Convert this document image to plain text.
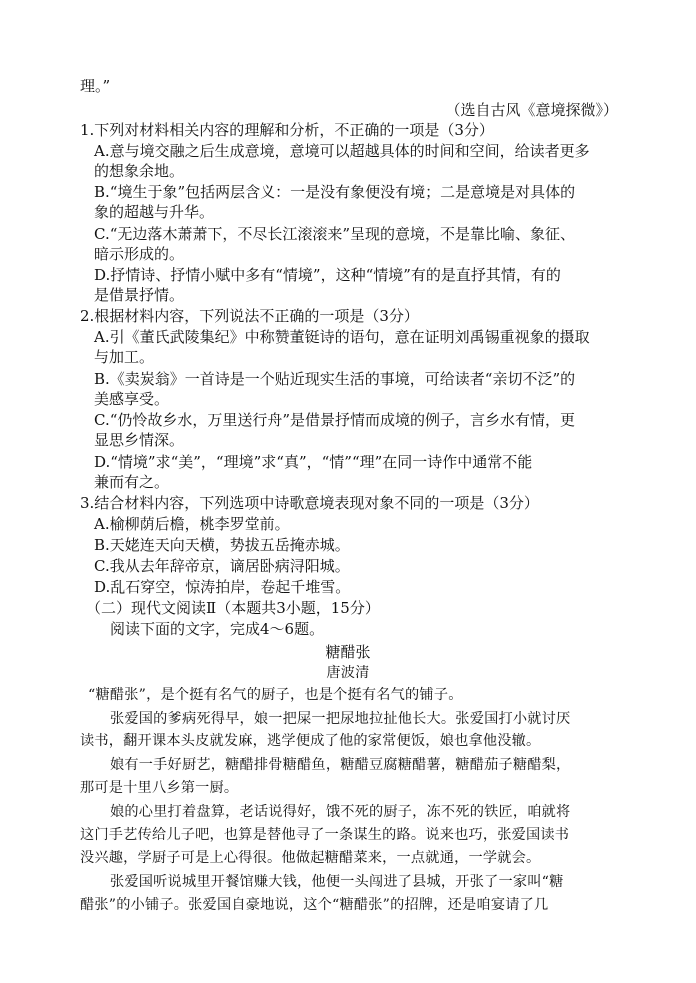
理。”
（选自古风《意境探微》）
1.下列对材料相关内容的理解和分析，不正确的一项是（3分）
A.意与境交融之后生成意境，意境可以超越具体的时间和空间，给读者更多
的想象余地。
B.“境生于象”包括两层含义：一是没有象便没有境；二是意境是对具体的
象的超越与升华。
C.“无边落木萧萧下，不尽长江滚滚来”呈现的意境，不是靠比喻、象征、
暗示形成的。
D.抒情诗、抒情小赋中多有“情境”，这种“情境”有的是直抒其情，有的
是借景抒情。
2.根据材料内容，下列说法不正确的一项是（3分）
A.引《董氏武陵集纪》中称赞董铤诗的语句，意在证明刘禹锡重视象的摄取
与加工。
B.《卖炭翁》一首诗是一个贴近现实生活的事境，可给读者“亲切不泛”的
美感享受。
C.“仍怜故乡水，万里送行舟”是借景抒情而成境的例子，言乡水有情，更
显思乡情深。
D.“情境”求“美”，“理境”求“真”，“情”“理”在同一诗作中通常不能
兼而有之。
3.结合材料内容，下列选项中诗歌意境表现对象不同的一项是（3分）
A.榆柳荫后檐，桃李罗堂前。
B.天姥连天向天横，势拔五岳掩赤城。
C.我从去年辞帝京，谪居卧病浔阳城。
D.乱石穿空，惊涛拍岸，卷起千堆雪。
（二）现代文阅读Ⅱ（本题共3小题，15分）
阅读下面的文字，完成4～6题。
糖醋张
唐波清
“糖醋张”，是个挺有名气的厨子，也是个挺有名气的铺子。
张爱国的爹病死得早，娘一把屎一把尿地拉扯他长大。张爱国打小就讨厌
读书，翻开课本头皮就发麻，逃学便成了他的家常便饭，娘也拿他没辙。
娘有一手好厨艺，糖醋排骨糖醋鱼，糖醋豆腐糖醋薯，糖醋茄子糖醋梨，
那可是十里八乡第一厨。
娘的心里打着盘算，老话说得好，饿不死的厨子，冻不死的铁匠，咱就将
这门手艺传给儿子吧，也算是替他寻了一条谋生的路。说来也巧，张爱国读书
没兴趣，学厨子可是上心得很。他做起糖醋菜来，一点就通，一学就会。
张爱国听说城里开餐馆赚大钱，他便一头闯进了县城，开张了一家叫“糖
醋张”的小铺子。张爱国自豪地说，这个“糖醋张”的招牌，还是咱宴请了几
